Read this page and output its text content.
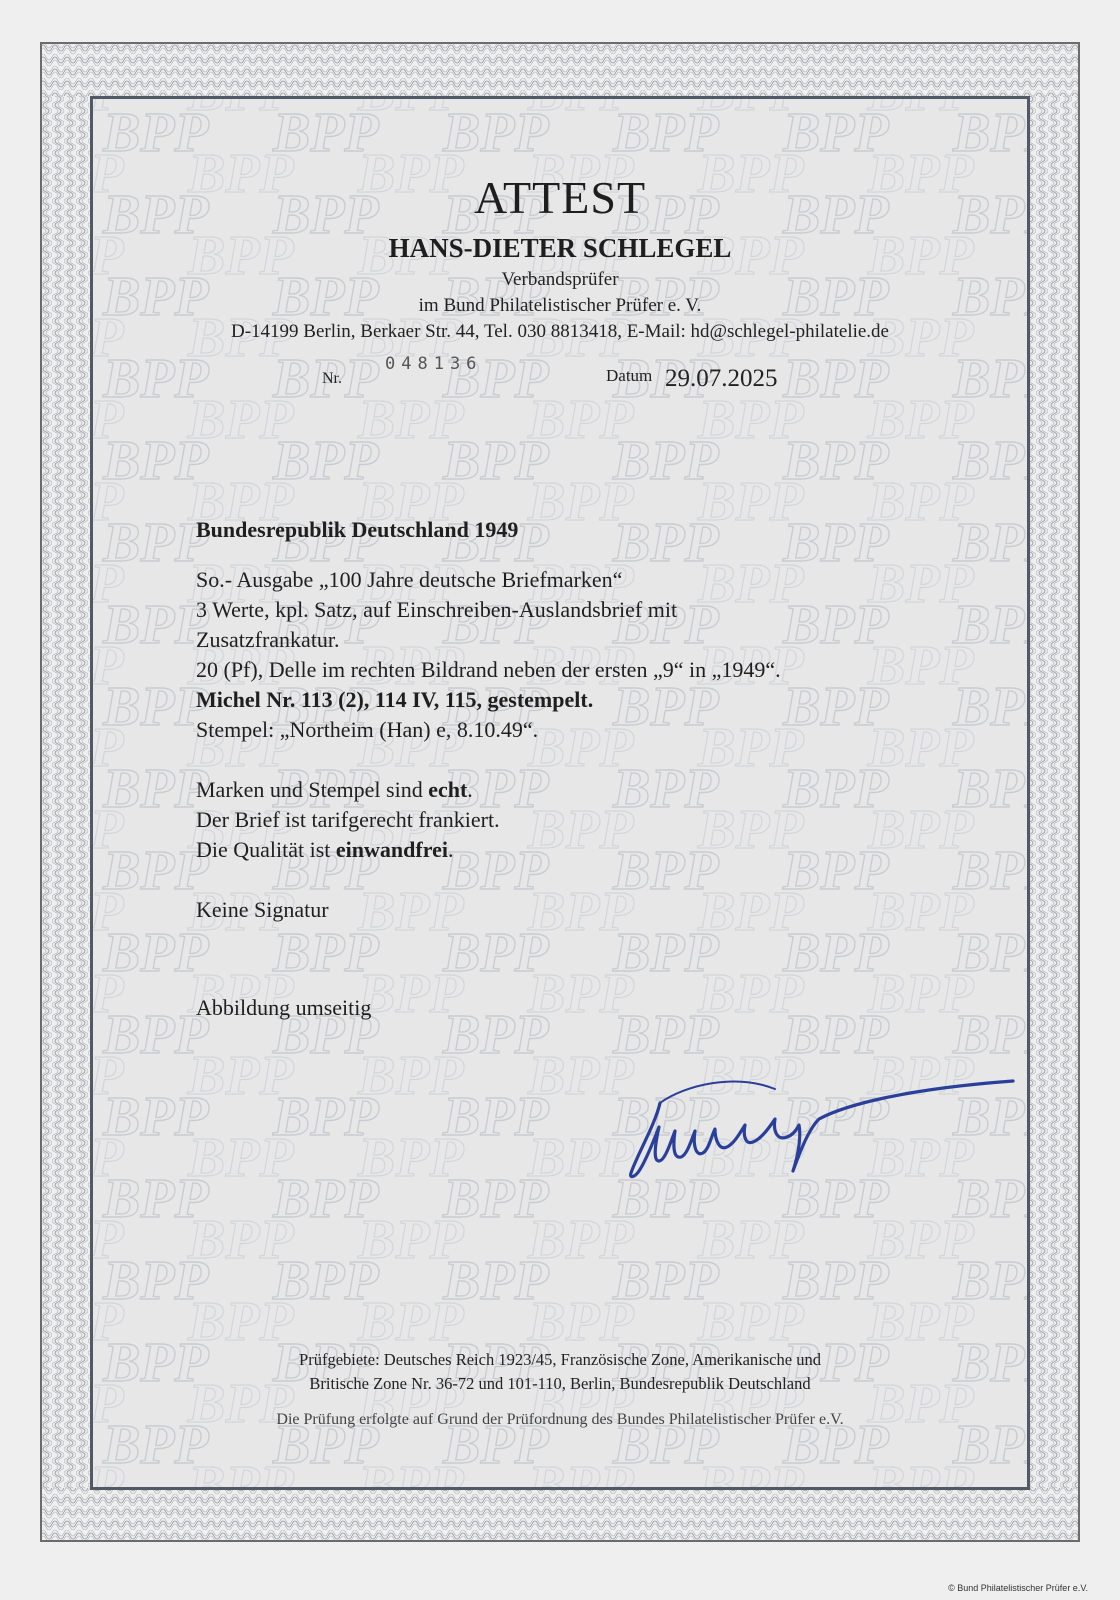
ATTEST
HANS-DIETER SCHLEGEL
Verbandsprüfer
im Bund Philatelistischer Prüfer e. V.
D-14199 Berlin, Berkaer Str. 44, Tel. 030 8813418, E-Mail: hd@schlegel-philatelie.de
Nr.
048136
Datum 29.07.2025
Bundesrepublik Deutschland 1949
So.- Ausgabe „100 Jahre deutsche Briefmarken“
3 Werte, kpl. Satz, auf Einschreiben-Auslandsbrief mit
Zusatzfrankatur.
20 (Pf), Delle im rechten Bildrand neben der ersten „9“ in „1949“.
Michel Nr. 113 (2), 114 IV, 115, gestempelt.
Stempel: „Northeim (Han) e, 8.10.49“.
Marken und Stempel sind echt.
Der Brief ist tarifgerecht frankiert.
Die Qualität ist einwandfrei.
Keine Signatur
Abbildung umseitig
Prüfgebiete: Deutsches Reich 1923/45, Französische Zone, Amerikanische und
Britische Zone Nr. 36-72 und 101-110, Berlin, Bundesrepublik Deutschland
Die Prüfung erfolgte auf Grund der Prüfordnung des Bundes Philatelistischer Prüfer e.V.
© Bund Philatelistischer Prüfer e.V.
